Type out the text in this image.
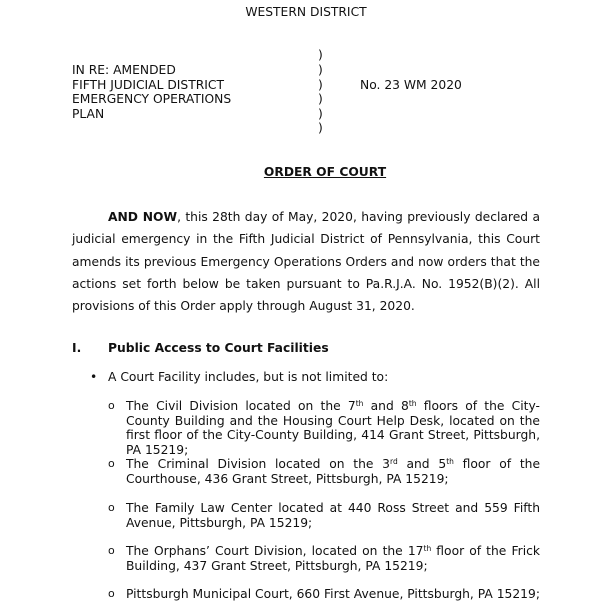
WESTERN DISTRICT
IN RE: AMENDED
FIFTH JUDICIAL DISTRICT
EMERGENCY OPERATIONS
PLAN
)
)
)
)
)
)
No. 23 WM 2020
ORDER OF COURT
AND NOW, this 28th day of May, 2020, having previously declared a judicial emergency in the Fifth Judicial District of Pennsylvania, this Court amends its previous Emergency Operations Orders and now orders that the actions set forth below be taken pursuant to Pa.R.J.A. No. 1952(B)(2). All provisions of this Order apply through August 31, 2020.
I. Public Access to Court Facilities
• A Court Facility includes, but is not limited to:
o The Civil Division located on the 7th and 8th floors of the City-County Building and the Housing Court Help Desk, located on the first floor of the City-County Building, 414 Grant Street, Pittsburgh, PA 15219;
o The Criminal Division located on the 3rd and 5th floor of the Courthouse, 436 Grant Street, Pittsburgh, PA 15219;
o The Family Law Center located at 440 Ross Street and 559 Fifth Avenue, Pittsburgh, PA 15219;
o The Orphans’ Court Division, located on the 17th floor of the Frick Building, 437 Grant Street, Pittsburgh, PA 15219;
o Pittsburgh Municipal Court, 660 First Avenue, Pittsburgh, PA 15219;
